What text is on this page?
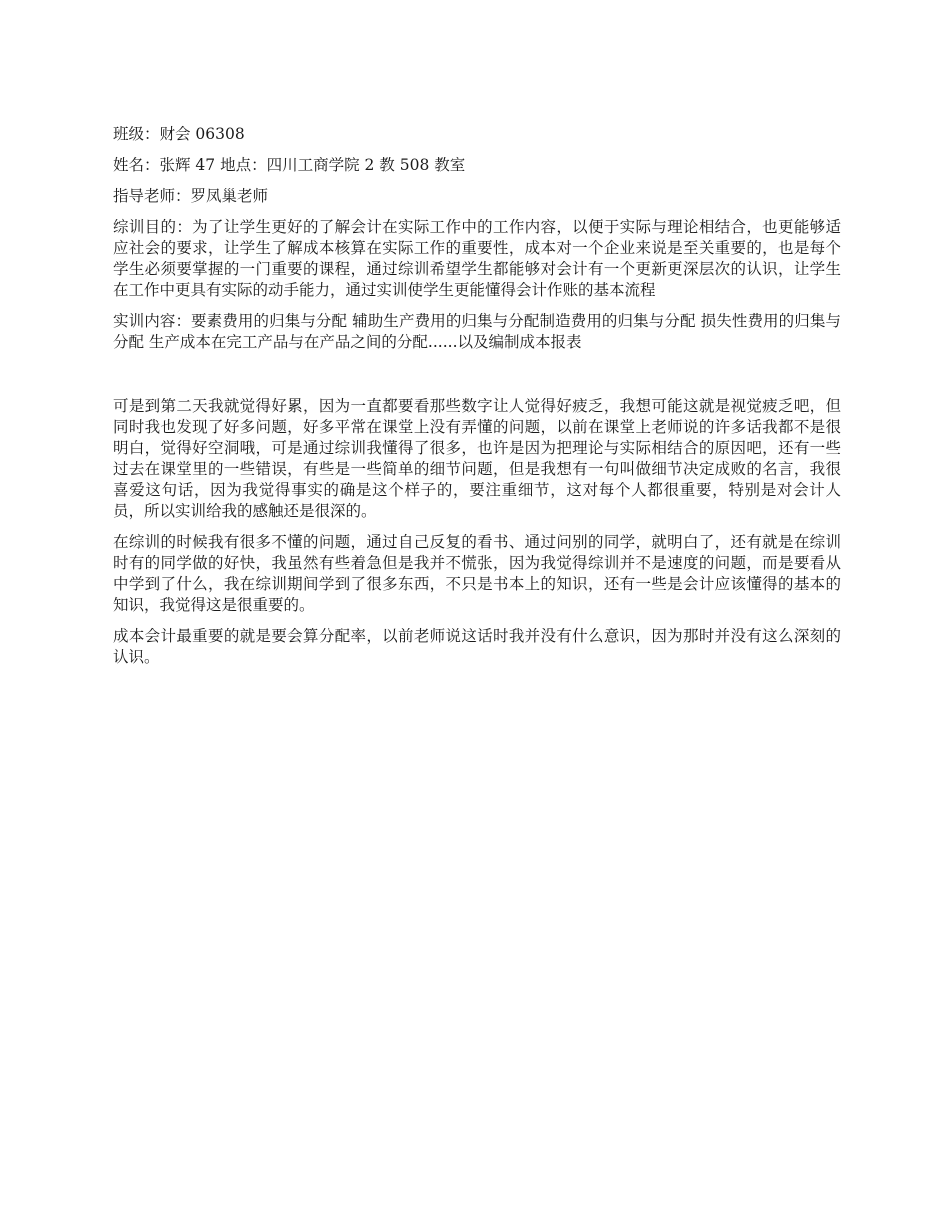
班级：财会 06308

姓名：张辉 47 地点：四川工商学院 2 教 508 教室

指导老师：罗凤巢老师

综训目的：为了让学生更好的了解会计在实际工作中的工作内容，以便于实际与理论相结合，也更能够适应社会的要求，让学生了解成本核算在实际工作的重要性，成本对一个企业来说是至关重要的，也是每个学生必须要掌握的一门重要的课程，通过综训希望学生都能够对会计有一个更新更深层次的认识，让学生在工作中更具有实际的动手能力，通过实训使学生更能懂得会计作账的基本流程

实训内容：要素费用的归集与分配 辅助生产费用的归集与分配制造费用的归集与分配 损失性费用的归集与分配 生产成本在完工产品与在产品之间的分配......以及编制成本报表

可是到第二天我就觉得好累，因为一直都要看那些数字让人觉得好疲乏，我想可能这就是视觉疲乏吧，但同时我也发现了好多问题，好多平常在课堂上没有弄懂的问题，以前在课堂上老师说的许多话我都不是很明白，觉得好空洞哦，可是通过综训我懂得了很多，也许是因为把理论与实际相结合的原因吧，还有一些过去在课堂里的一些错误，有些是一些简单的细节问题，但是我想有一句叫做细节决定成败的名言，我很喜爱这句话，因为我觉得事实的确是这个样子的，要注重细节，这对每个人都很重要，特别是对会计人员，所以实训给我的感触还是很深的。

在综训的时候我有很多不懂的问题，通过自己反复的看书、通过问别的同学，就明白了，还有就是在综训时有的同学做的好快，我虽然有些着急但是我并不慌张，因为我觉得综训并不是速度的问题，而是要看从中学到了什么，我在综训期间学到了很多东西，不只是书本上的知识，还有一些是会计应该懂得的基本的知识，我觉得这是很重要的。

成本会计最重要的就是要会算分配率，以前老师说这话时我并没有什么意识，因为那时并没有这么深刻的认识。
